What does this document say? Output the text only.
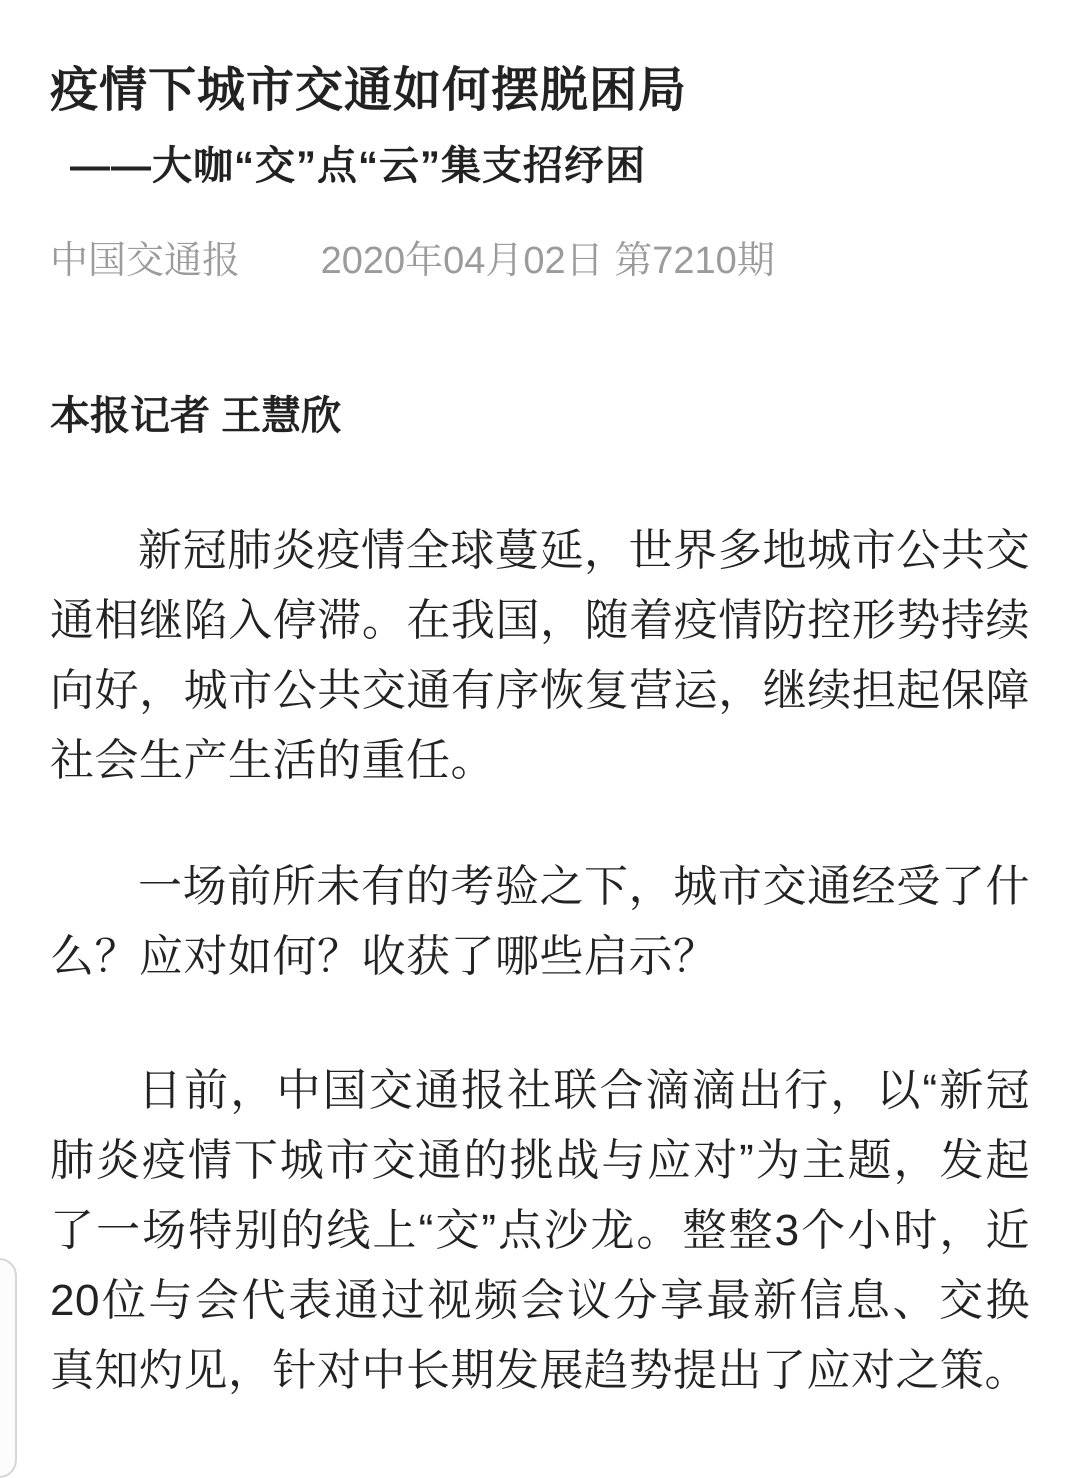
疫情下城市交通如何摆脱困局
——大咖“交”点“云”集支招纾困
中国交通报 2020年04月02日 第7210期
本报记者 王慧欣

新冠肺炎疫情全球蔓延，世界多地城市公共交通相继陷入停滞。在我国，随着疫情防控形势持续向好，城市公共交通有序恢复营运，继续担起保障社会生产生活的重任。

一场前所未有的考验之下，城市交通经受了什么？应对如何？收获了哪些启示？

日前，中国交通报社联合滴滴出行，以“新冠肺炎疫情下城市交通的挑战与应对”为主题，发起了一场特别的线上“交”点沙龙。整整3个小时，近20位与会代表通过视频会议分享最新信息、交换真知灼见，针对中长期发展趋势提出了应对之策。
